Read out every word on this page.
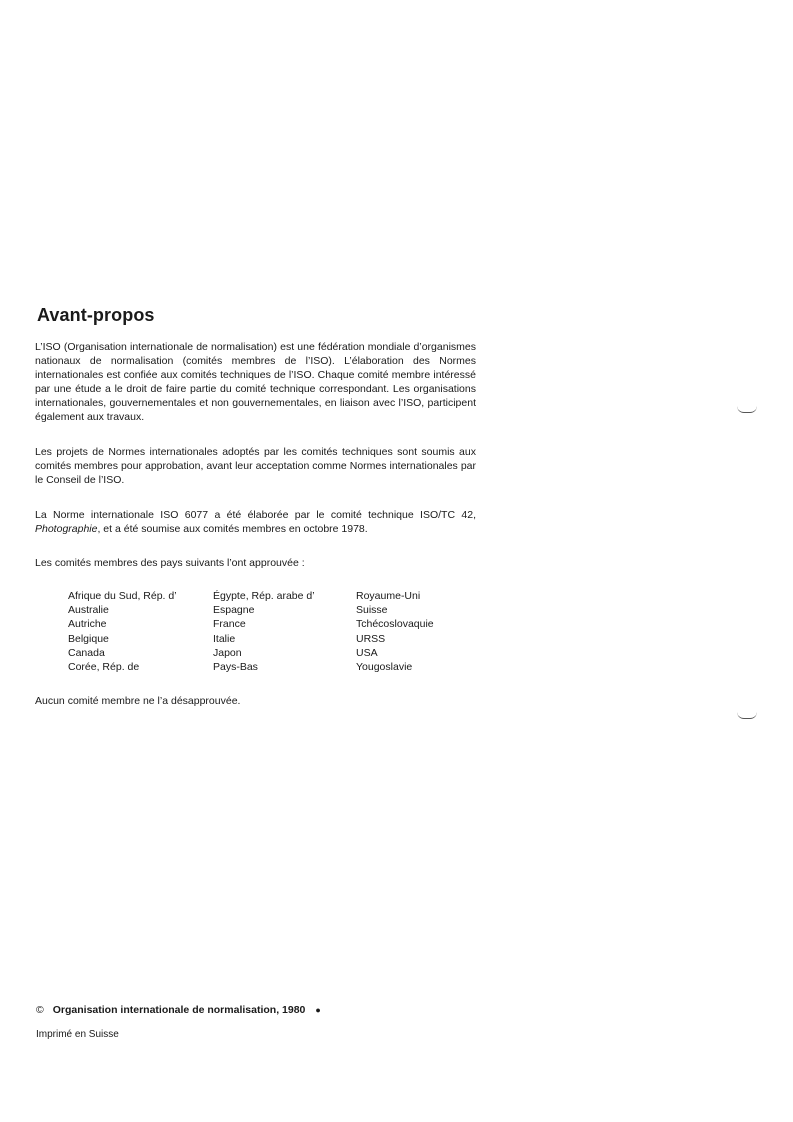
Avant-propos

L’ISO (Organisation internationale de normalisation) est une fédération mondiale d’organismes nationaux de normalisation (comités membres de l’ISO). L’élaboration des Normes internationales est confiée aux comités techniques de l’ISO. Chaque comité membre intéressé par une étude a le droit de faire partie du comité technique correspondant. Les organisations internationales, gouvernementales et non gouvernementales, en liaison avec l’ISO, participent également aux travaux.

Les projets de Normes internationales adoptés par les comités techniques sont soumis aux comités membres pour approbation, avant leur acceptation comme Normes internationales par le Conseil de l’ISO.

La Norme internationale ISO 6077 a été élaborée par le comité technique ISO/TC 42, Photographie, et a été soumise aux comités membres en octobre 1978.

Les comités membres des pays suivants l’ont approuvée :

Afrique du Sud, Rép. d’
Australie
Autriche
Belgique
Canada
Corée, Rép. de
Égypte, Rép. arabe d’
Espagne
France
Italie
Japon
Pays-Bas
Royaume-Uni
Suisse
Tchécoslovaquie
URSS
USA
Yougoslavie

Aucun comité membre ne l’a désapprouvée.

© Organisation internationale de normalisation, 1980 ●
Imprimé en Suisse
